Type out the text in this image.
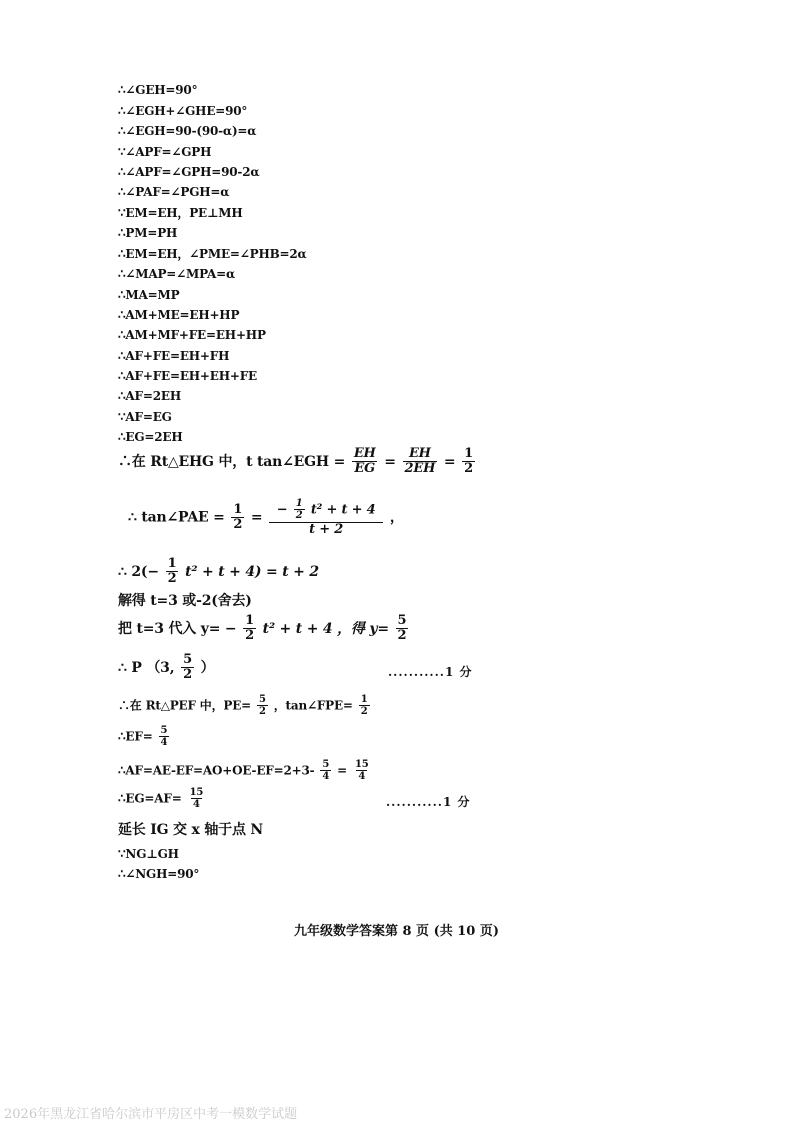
∴∠GEH=90°
∴∠EGH+∠GHE=90°
∴∠EGH=90-(90-α)=α
∵∠APF=∠GPH
∴∠APF=∠GPH=90-2α
∴∠PAF=∠PGH=α
∵EM=EH，PE⊥MH
∴PM=PH
∴EM=EH，∠PME=∠PHB=2α
∴∠MAP=∠MPA=α
∴MA=MP
∴AM+ME=EH+HP
∴AM+MF+FE=EH+HP
∴AF+FE=EH+FH
∴AF+FE=EH+EH+FE
∴AF=2EH
∵AF=EG
∴EG=2EH
∴在 Rt△EHG 中，t tan∠EGH = $\frac{EH}{EG} = \frac{EH}{2EH} = \frac{1}{2}$
∴ tan∠PAE = $\frac{1}{2}$ = − $\frac{1}{2} t^2 + t + 4$
t + 2
，
∴ $2(- \frac{1}{2} t^2 + t + 4) = t + 2$
解得 t=3 或-2(舍去)
把 t=3 代入 $y= - \frac{1}{2} t^2 + t + 4$ ，得 $y= \frac{5}{2}$
∴ P （3, $\frac{5}{2}$ ）	...........1 分
∴在 Rt△PEF 中，$PE= \frac{5}{2}$ ，tan∠FPE= $\frac{1}{2}$
∴EF= $\frac{5}{4}$
∴AF=AE-EF=AO+OE-EF=2+3- $\frac{5}{4} = \frac{15}{4}$
∴EG=AF= $\frac{15}{4}$	...........1 分
延长 IG 交 x 轴于点 N
∵NG⊥GH
∴∠NGH=90°
九年级数学答案第 8 页 (共 10 页)
2026年黑龙江省哈尔滨市平房区中考一模数学试题
